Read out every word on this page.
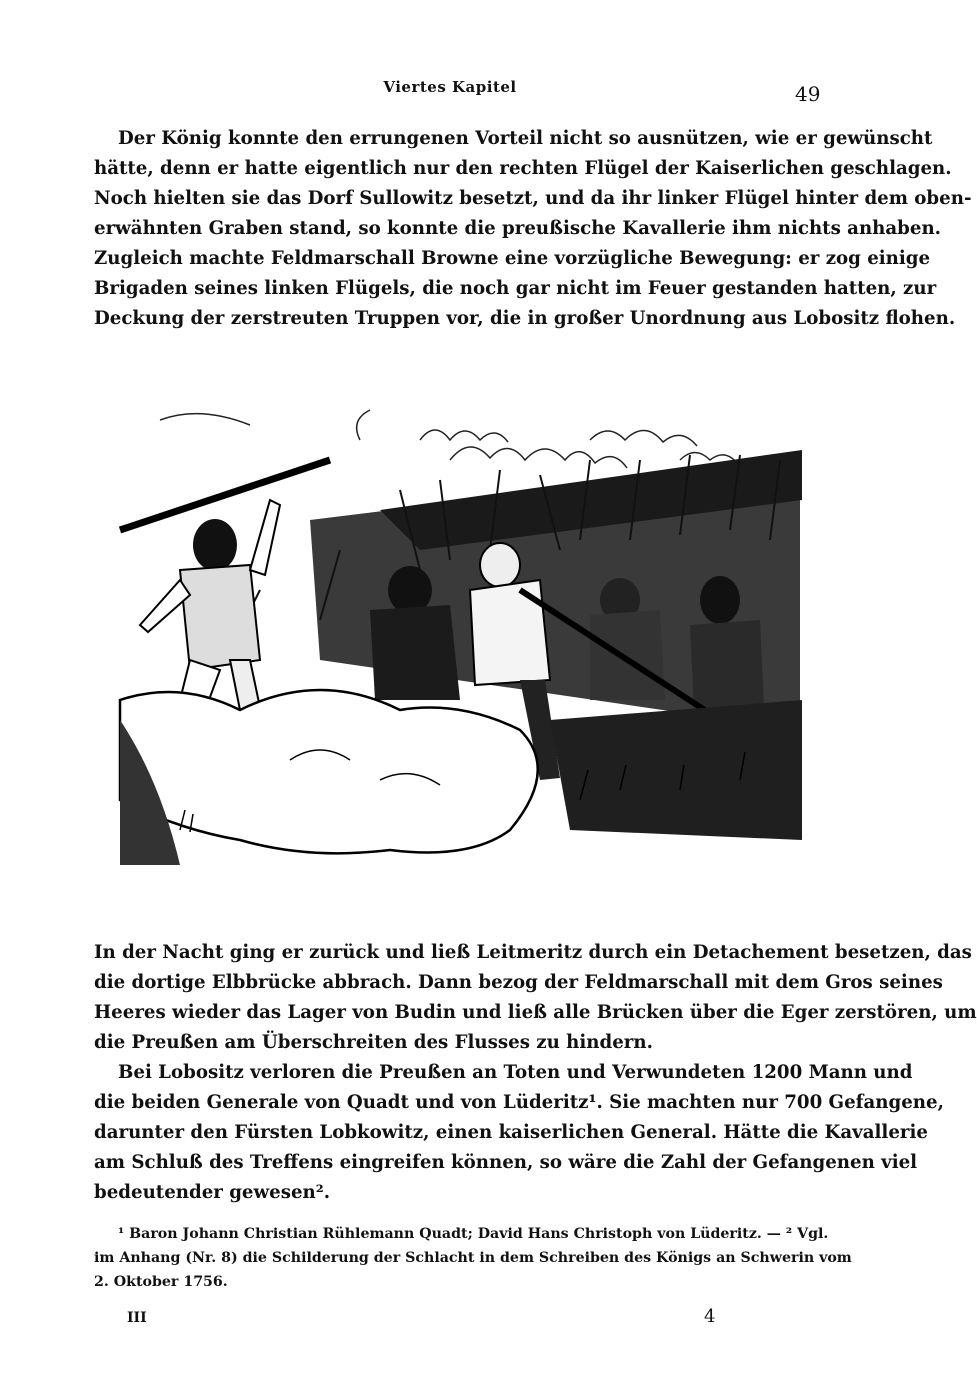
Viertes Kapitel	49
Der König konnte den errungenen Vorteil nicht so ausnützen, wie er gewünscht
hätte, denn er hatte eigentlich nur den rechten Flügel der Kaiserlichen geschlagen.
Noch hielten sie das Dorf Sullowitz besetzt, und da ihr linker Flügel hinter dem oben-
erwähnten Graben stand, so konnte die preußische Kavallerie ihm nichts anhaben.
Zugleich machte Feldmarschall Browne eine vorzügliche Bewegung: er zog einige
Brigaden seines linken Flügels, die noch gar nicht im Feuer gestanden hatten, zur
Deckung der zerstreuten Truppen vor, die in großer Unordnung aus Lobositz flohen.
In der Nacht ging er zurück und ließ Leitmeritz durch ein Detachement besetzen, das
die dortige Elbbrücke abbrach. Dann bezog der Feldmarschall mit dem Gros seines
Heeres wieder das Lager von Budin und ließ alle Brücken über die Eger zerstören, um
die Preußen am Überschreiten des Flusses zu hindern.
Bei Lobositz verloren die Preußen an Toten und Verwundeten 1200 Mann und
die beiden Generale von Quadt und von Lüderitz¹. Sie machten nur 700 Gefangene,
darunter den Fürsten Lobkowitz, einen kaiserlichen General. Hätte die Kavallerie
am Schluß des Treffens eingreifen können, so wäre die Zahl der Gefangenen viel
bedeutender gewesen².
¹ Baron Johann Christian Rühlemann Quadt; David Hans Christoph von Lüderitz. — ² Vgl.
im Anhang (Nr. 8) die Schilderung der Schlacht in dem Schreiben des Königs an Schwerin vom
2. Oktober 1756.
III	4
